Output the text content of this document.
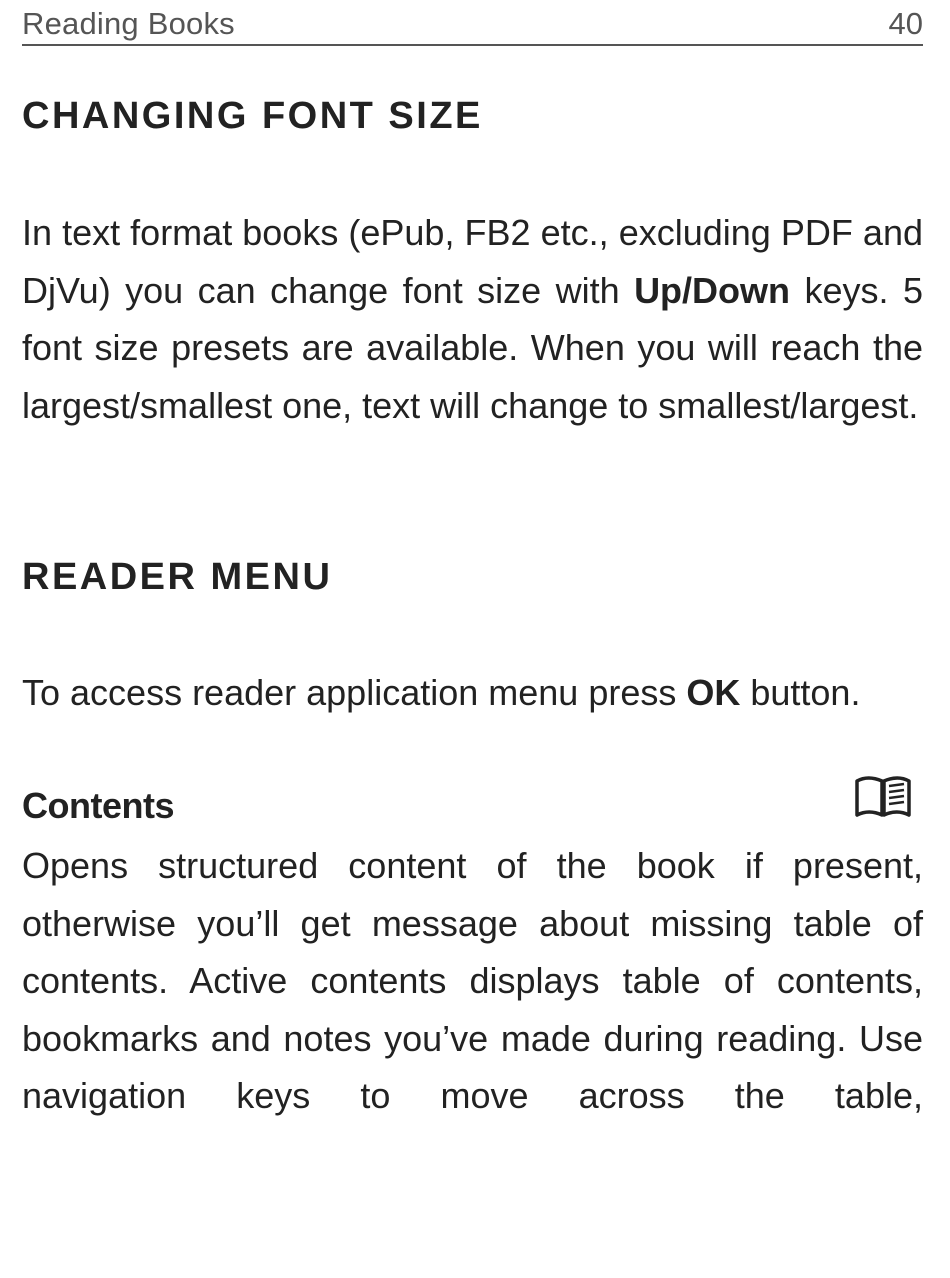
Reading Books	40
CHANGING FONT SIZE
In text format books (ePub, FB2 etc., excluding PDF and DjVu) you can change font size with Up/Down keys. 5 font size presets are available. When you will reach the largest/smallest one, text will change to smallest/largest.
READER MENU
To access reader application menu press OK button.
Contents
Opens structured content of the book if present, otherwise you’ll get message about missing table of contents. Active contents displays table of contents, bookmarks and notes you’ve made during reading. Use navigation keys to move across the table,
